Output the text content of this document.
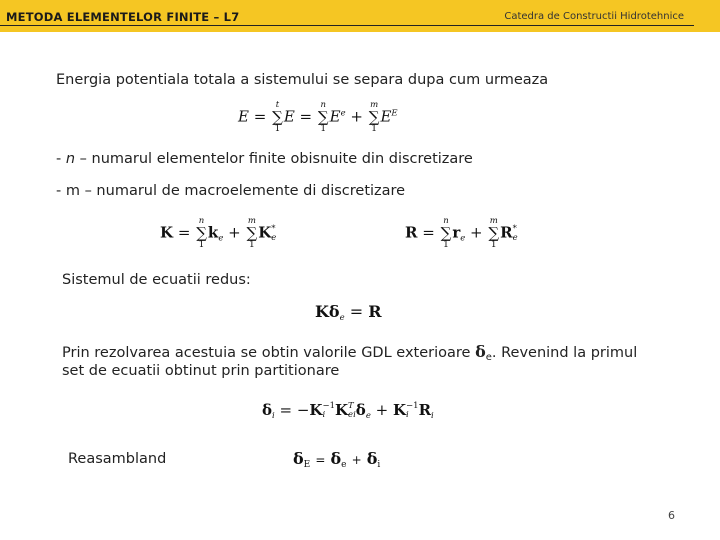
METODA ELEMENTELOR FINITE – L7	Catedra de Constructii Hidrotehnice
Energia potentiala totala a sistemului se separa dupa cum urmeaza
E =
t
∑
1
E =
n
∑
1
$E^e$ +
m
∑
1
$E^E$
- n – numarul elementelor finite obisnuite din discretizare
- m – numarul de macroelemente di discretizare
K =
n
∑
1
$k_e$ +
m
∑
1
K *
e	R =
n
∑
1
$r_e$ +
m
∑
1
R *
e
Sistemul de ecuatii redus:
$K\delta_e = R$
Prin rezolvarea acestuia se obtin valorile GDL exterioare $\delta_e$. Revenind la primul
set de ecuatii obtinut prin partitionare
$\delta_i = -K -1$
i K T
ei $\delta_e + K -1$
i $R_i$
Reasambland	δE = δe + δi
6
